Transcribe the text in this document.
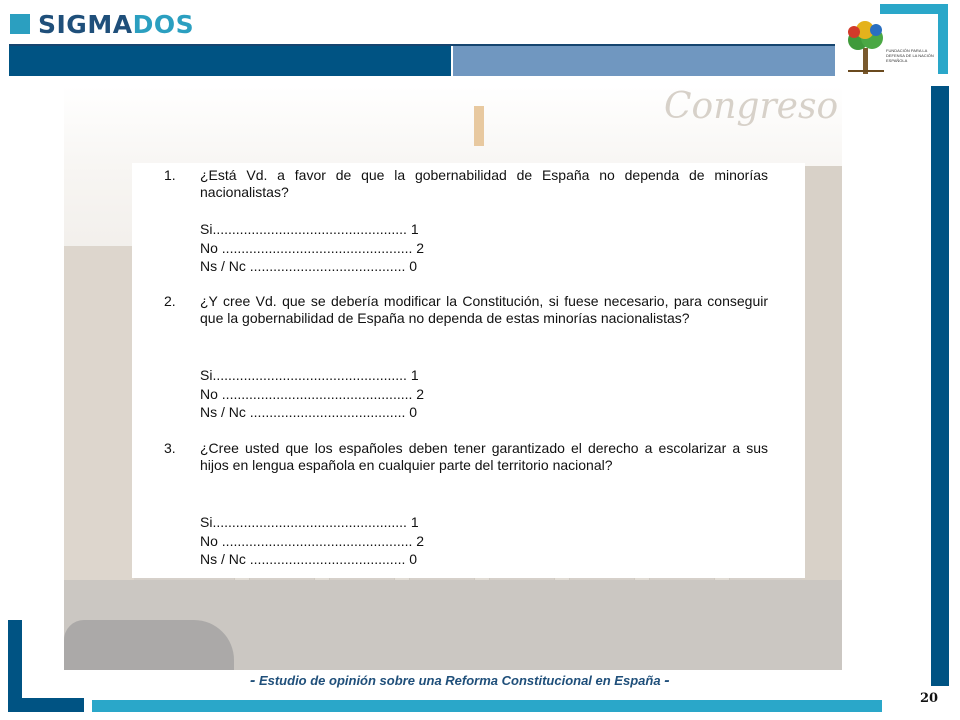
SIGMADOS
FUNDACIÓN PARA LA DEFENSA DE LA NACIÓN ESPAÑOLA
Congreso
1. ¿Está Vd. a favor de que la gobernabilidad de España no dependa de minorías nacionalistas?
Si.................................................. 1
No ................................................. 2
Ns / Nc ........................................ 0
2. ¿Y cree Vd. que se debería modificar la Constitución, si fuese necesario, para conseguir que la gobernabilidad de España no dependa de estas minorías nacionalistas?
Si.................................................. 1
No ................................................. 2
Ns / Nc ........................................ 0
3. ¿Cree usted que los españoles deben tener garantizado el derecho a escolarizar a sus hijos en lengua española en cualquier parte del territorio nacional?
Si.................................................. 1
No ................................................. 2
Ns / Nc ........................................ 0
- Estudio de opinión sobre una Reforma Constitucional en España -
20
